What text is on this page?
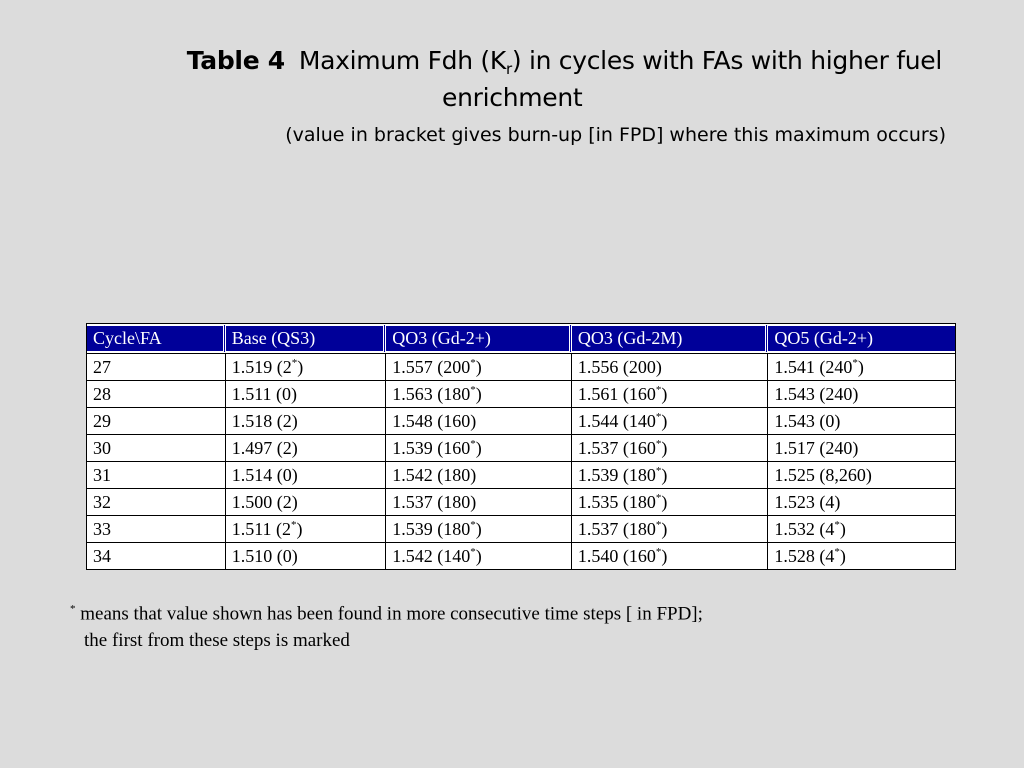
Table 4 Maximum Fdh $(K_r)$ in cycles with FAs with higher fuel
enrichment
(value in bracket gives burn-up [in FPD] where this maximum occurs)
Cycle\FA	Base (QS3)	QO3 (Gd-2+)	QO3 (Gd-2M)	QO5 (Gd-2+)
27	1.519 (2*)	1.557 (200*)	1.556 (200)	1.541 (240*)
28	1.511 (0)	1.563 (180*)	1.561 (160*)	1.543 (240)
29	1.518 (2)	1.548 (160)	1.544 (140*)	1.543 (0)
30	1.497 (2)	1.539 (160*)	1.537 (160*)	1.517 (240)
31	1.514 (0)	1.542 (180)	1.539 (180*)	1.525 (8,260)
32	1.500 (2)	1.537 (180)	1.535 (180*)	1.523 (4)
33	1.511 (2*)	1.539 (180*)	1.537 (180*)	1.532 (4*)
34	1.510 (0)	1.542 (140*)	1.540 (160*)	1.528 (4*)
* means that value shown has been found in more consecutive time steps [ in FPD];
the first from these steps is marked
